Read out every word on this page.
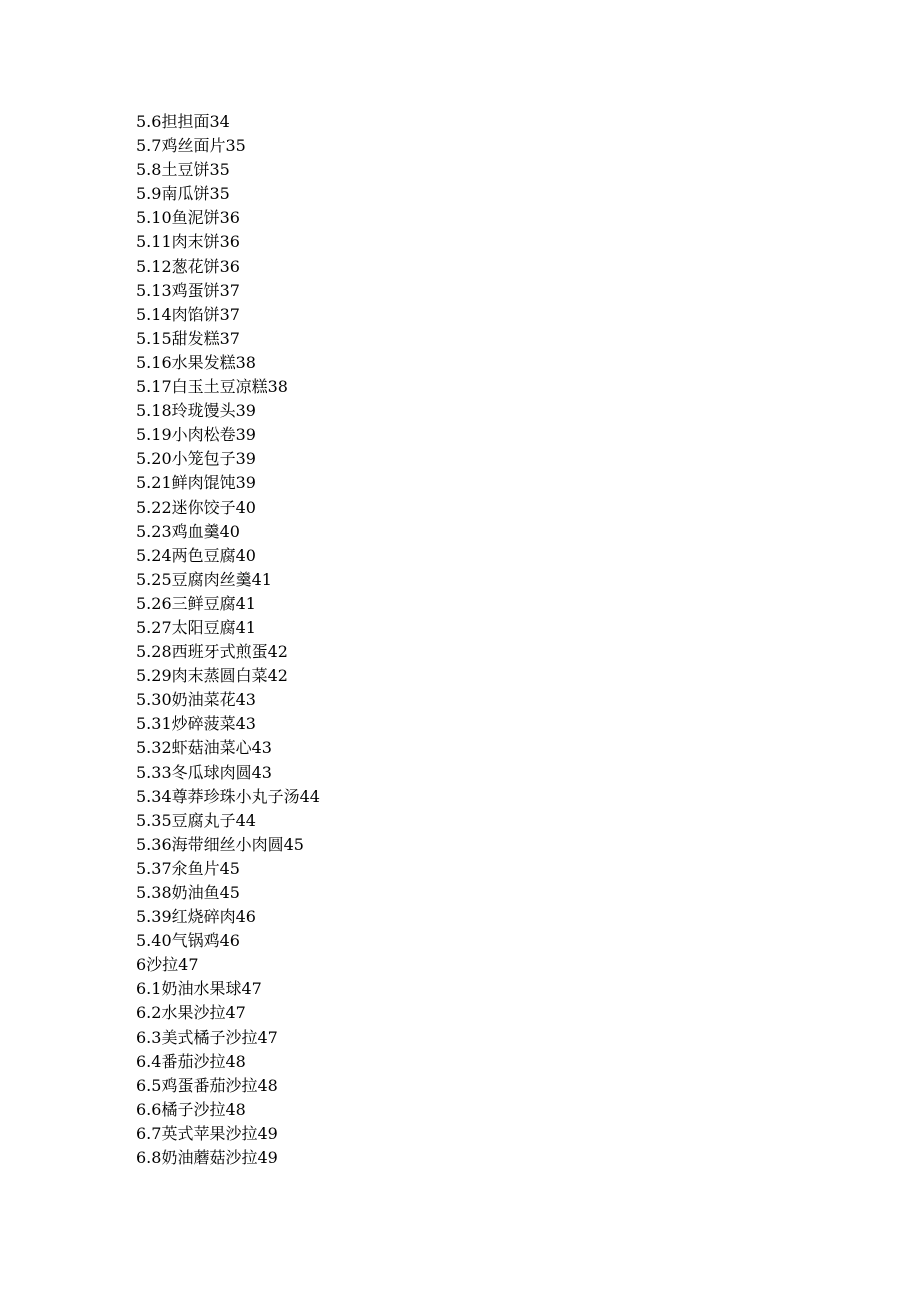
5.6担担面34
5.7鸡丝面片35
5.8土豆饼35
5.9南瓜饼35
5.10鱼泥饼36
5.11肉末饼36
5.12葱花饼36
5.13鸡蛋饼37
5.14肉馅饼37
5.15甜发糕37
5.16水果发糕38
5.17白玉土豆凉糕38
5.18玲珑馒头39
5.19小肉松卷39
5.20小笼包子39
5.21鲜肉馄饨39
5.22迷你饺子40
5.23鸡血羹40
5.24两色豆腐40
5.25豆腐肉丝羹41
5.26三鲜豆腐41
5.27太阳豆腐41
5.28西班牙式煎蛋42
5.29肉末蒸圆白菜42
5.30奶油菜花43
5.31炒碎菠菜43
5.32虾菇油菜心43
5.33冬瓜球肉圆43
5.34尊莽珍珠小丸子汤44
5.35豆腐丸子44
5.36海带细丝小肉圆45
5.37氽鱼片45
5.38奶油鱼45
5.39红烧碎肉46
5.40气锅鸡46
6沙拉47
6.1奶油水果球47
6.2水果沙拉47
6.3美式橘子沙拉47
6.4番茄沙拉48
6.5鸡蛋番茄沙拉48
6.6橘子沙拉48
6.7英式苹果沙拉49
6.8奶油蘑菇沙拉49
